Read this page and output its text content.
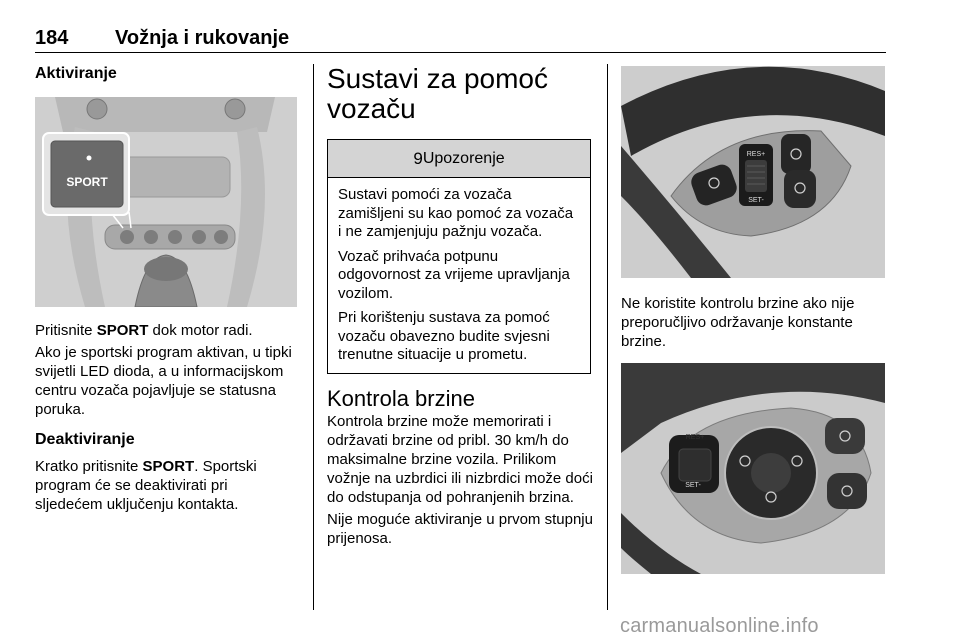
184 Vožnja i rukovanje
Aktiviranje
SPORT

Pritisnite SPORT dok motor radi.

Ako je sportski program aktivan, u tipki svijetli LED dioda, a u informacijskom centru vozača pojavljuje se statusna poruka.

Deaktiviranje

Kratko pritisnite SPORT. Sportski program će se deaktivirati pri sljedećem uključenju kontakta.

Sustavi za pomoć vozaču
9 Upozorenje

Sustavi pomoći za vozača zamišljeni su kao pomoć za vozača i ne zamjenjuju pažnju vozača.

Vozač prihvaća potpunu odgovornost za vrijeme upravljanja vozilom.

Pri korištenju sustava za pomoć vozaču obavezno budite svjesni trenutne situacije u prometu.

Kontrola brzine

Kontrola brzine može memorirati i održavati brzine od pribl. 30 km/h do maksimalne brzine vozila. Prilikom vožnje na uzbrdici ili nizbrdici može doći do odstupanja od pohranjenih brzina.

Nije moguće aktiviranje u prvom stupnju prijenosa.

RES+
SET-

Ne koristite kontrolu brzine ako nije preporučljivo održavanje konstante brzine.

RES+
SET-
carmanualsonline.info
